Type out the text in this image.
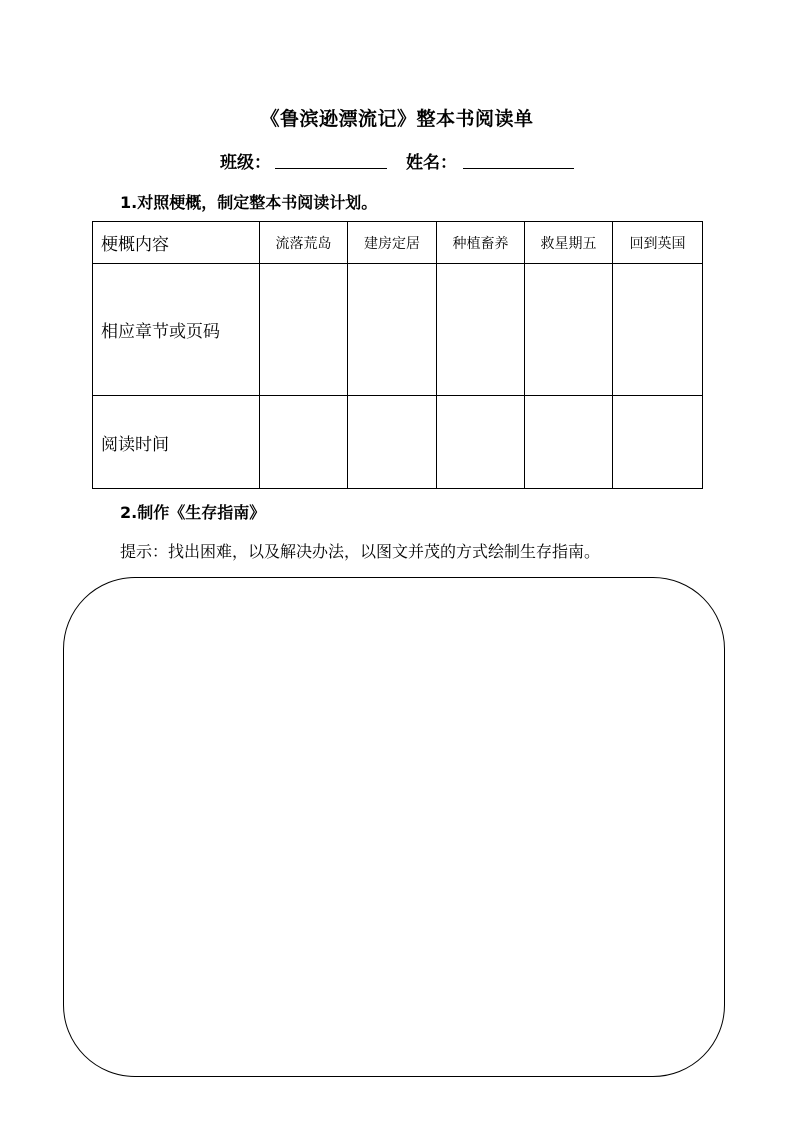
《鲁滨逊漂流记》整本书阅读单
班级：	姓名：
1.对照梗概，制定整本书阅读计划。
梗概内容	流落荒岛	建房定居	种植畜养	救星期五	回到英国
相应章节或页码					
阅读时间					
2.制作《生存指南》
提示：找出困难，以及解决办法，以图文并茂的方式绘制生存指南。
